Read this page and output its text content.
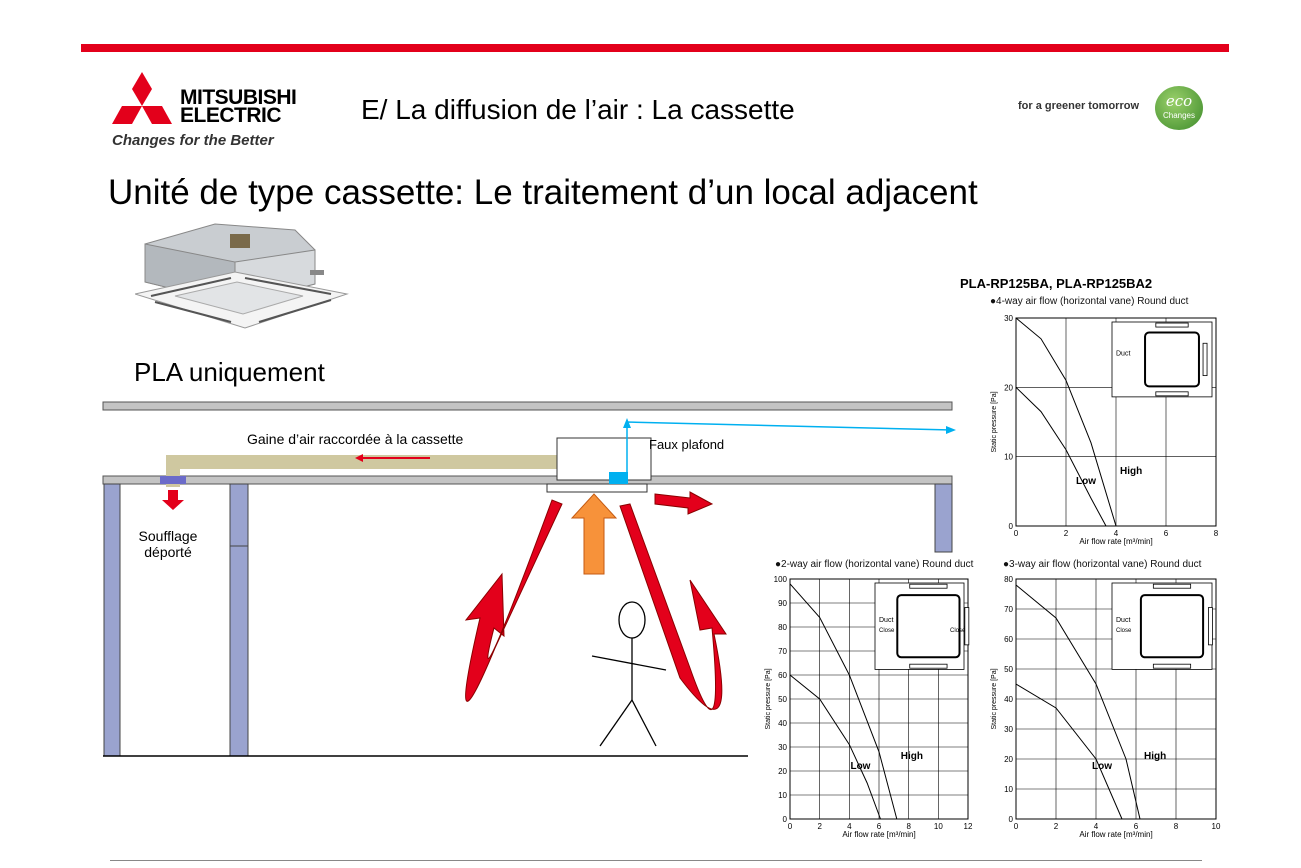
MITSUBISHI
ELECTRIC
Changes for the Better
E/ La diffusion de l’air : La cassette	for a greener tomorrow	eco
Changes
Unité de type cassette: Le traitement d’un local adjacent
PLA uniquement
Gaine d’air raccordée à la cassette	Faux plafond
Soufflage
déporté
PLA-RP125BA, PLA-RP125BA2
●4-way air flow (horizontal vane) Round duct
●2-way air flow (horizontal vane) Round duct	●3-way air flow (horizontal vane) Round duct
0	2	4	6	8
0
10
20
30
Air flow rate [m³/min]
Static pressure [Pa]
Duct
Low
High
0	2	4	6	8	10	12
0
10
20
30
40
50
60
70
80
90
100
Air flow rate [m³/min]
Static pressure [Pa]
Duct
Close	Close
Low
High
0	2	4	6	8	10
0
10
20
30
40
50
60
70
80
Air flow rate [m³/min]
Static pressure [Pa]
Duct
Close
Low
High
